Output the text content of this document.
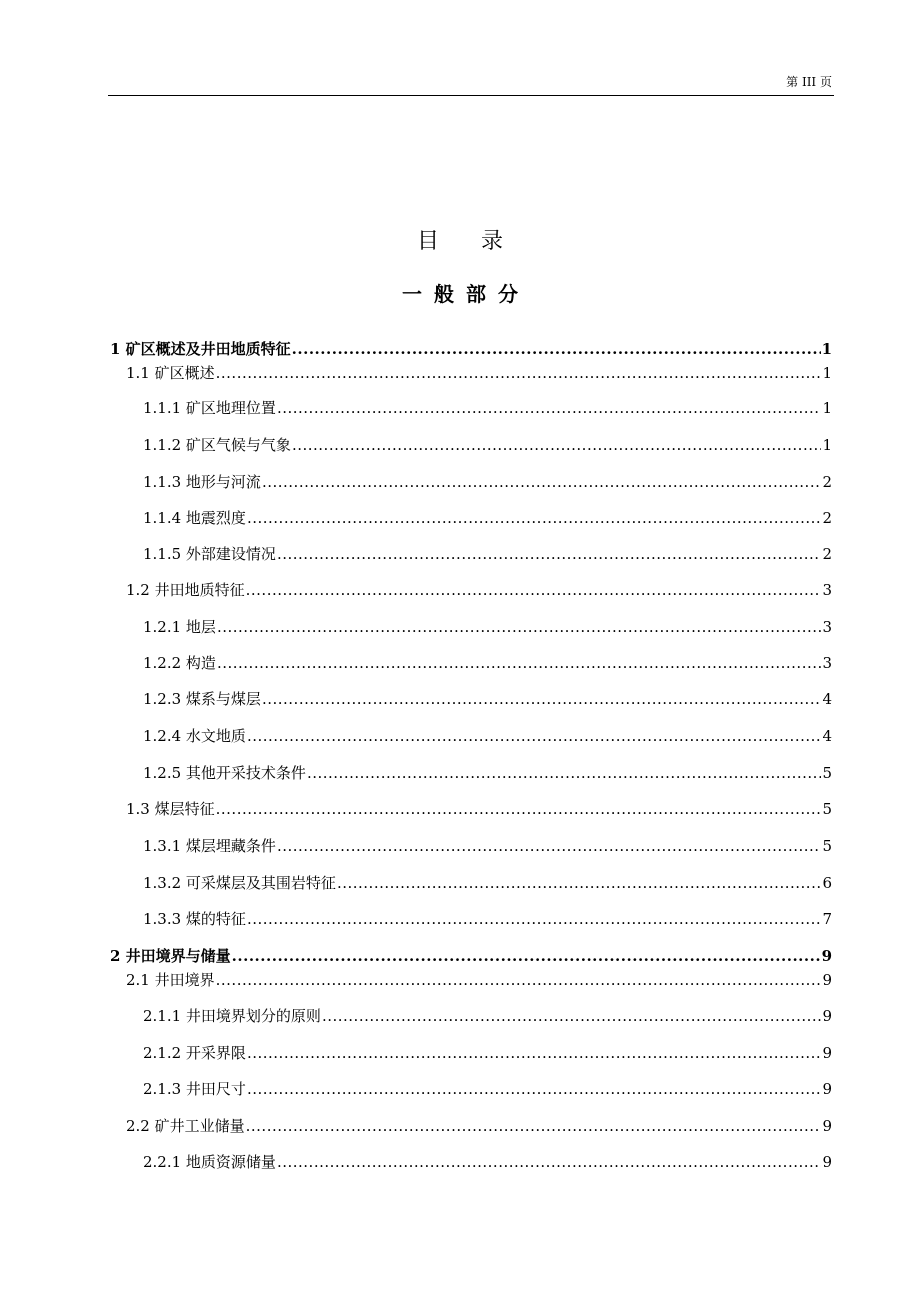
第 III 页
目录
一般部分
1 矿区概述及井田地质特征 .....	1
1.1 矿区概述 .....	1
1.1.1 矿区地理位置 .....	1
1.1.2 矿区气候与气象 .....	1
1.1.3 地形与河流 .....	2
1.1.4 地震烈度 .....	2
1.1.5 外部建设情况 .....	2
1.2 井田地质特征 .....	3
1.2.1 地层 .....	3
1.2.2 构造 .....	3
1.2.3 煤系与煤层 .....	4
1.2.4 水文地质 .....	4
1.2.5 其他开采技术条件 .....	5
1.3 煤层特征 .....	5
1.3.1 煤层埋藏条件 .....	5
1.3.2 可采煤层及其围岩特征 .....	6
1.3.3 煤的特征 .....	7
2 井田境界与储量 .....	9
2.1 井田境界 .....	9
2.1.1 井田境界划分的原则 .....	9
2.1.2 开采界限 .....	9
2.1.3 井田尺寸 .....	9
2.2 矿井工业储量 .....	9
2.2.1 地质资源储量 .....	9
